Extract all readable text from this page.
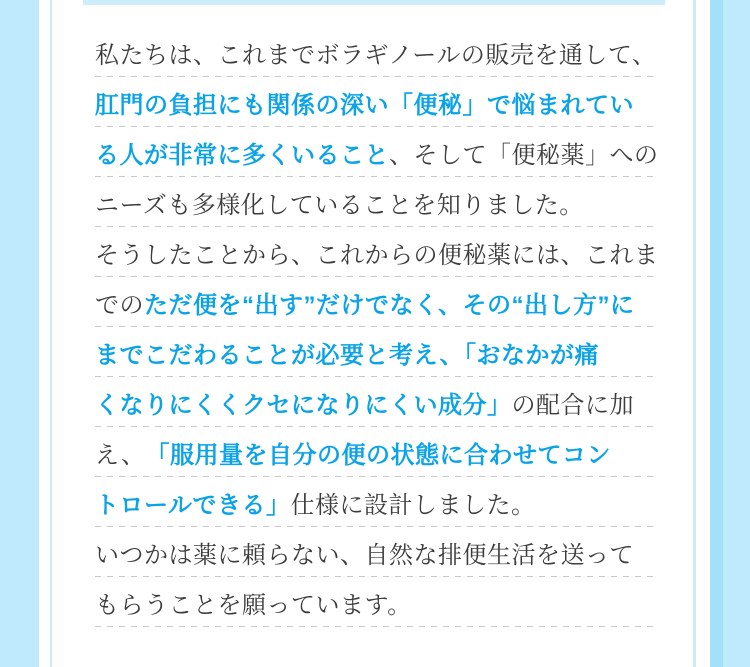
私たちは、これまでボラギノールの販売を通して、
肛門の負担にも関係の深い「便秘」で悩まれてい
る人が非常に多くいること 、そして「便秘薬」への
ニーズも多様化していることを知りました。
そうしたことから、これからの便秘薬には、これま
での ただ便を“出す”だけでなく、その“出し方”に
までこだわることが必要と考え、「おなかが痛
くなりにくくクセになりにくい成分」 の配合に加
え、 「服用量を自分の便の状態に合わせてコン
トロールできる」 仕様に設計しました。
いつかは薬に頼らない、自然な排便生活を送って
もらうことを願っています。
